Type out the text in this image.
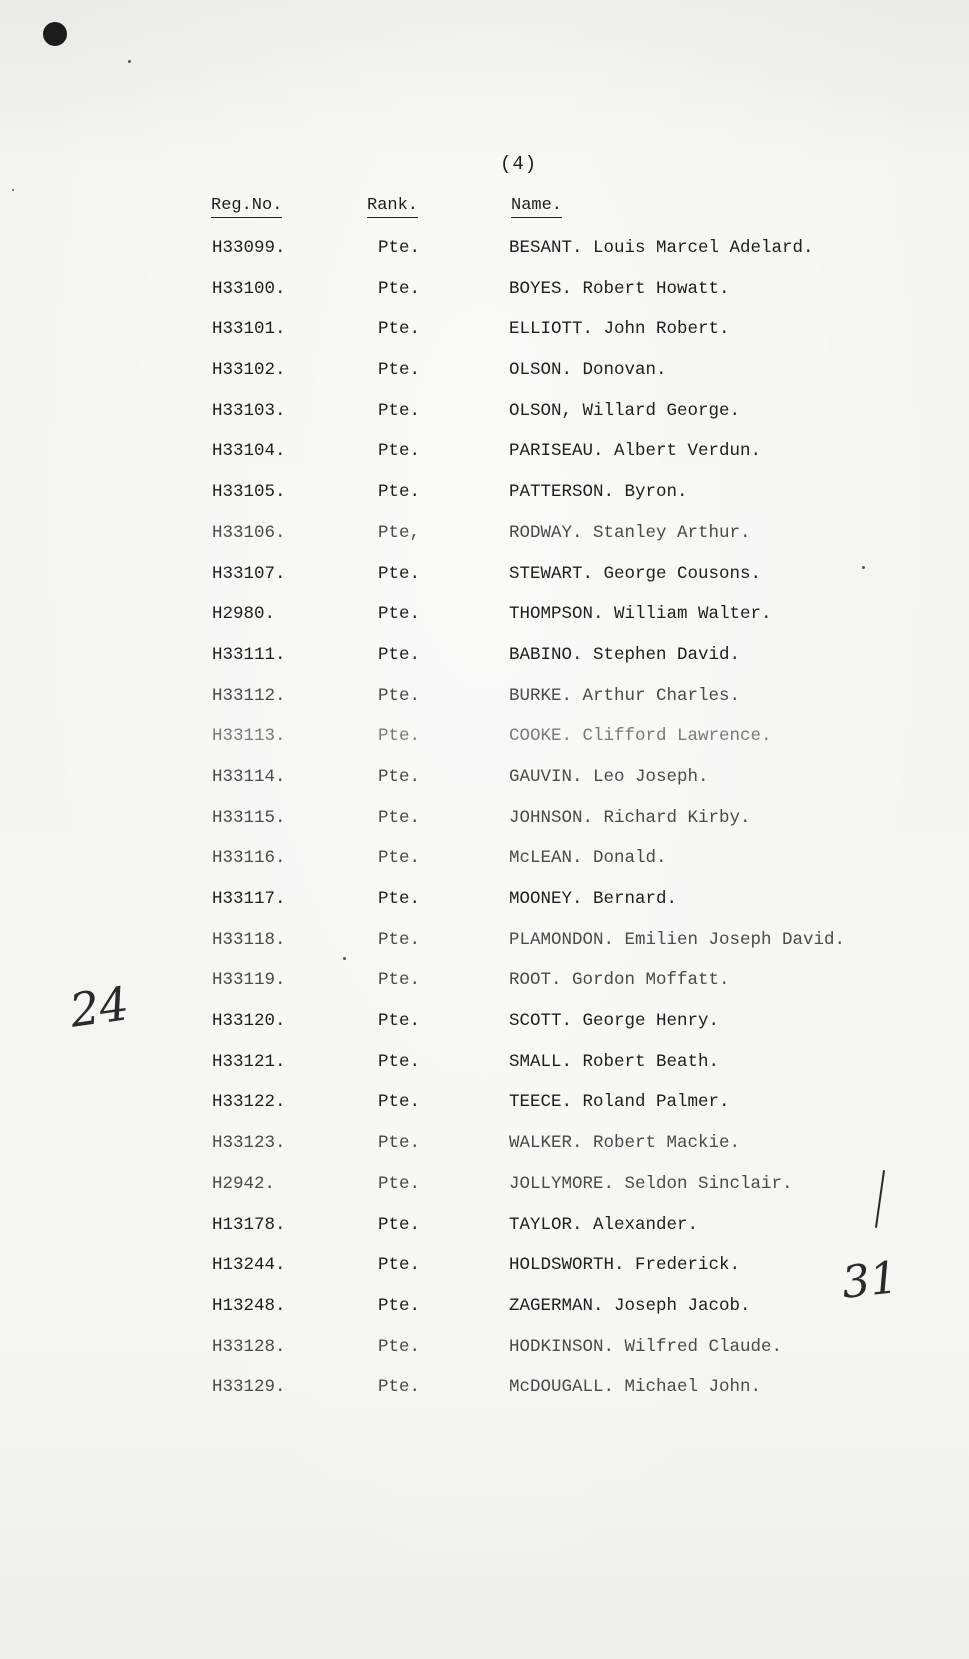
(4)
Reg.No.	Rank.	Name.
H33099.	Pte.	BESANT. Louis Marcel Adelard.
H33100.	Pte.	BOYES. Robert Howatt.
H33101.	Pte.	ELLIOTT. John Robert.
H33102.	Pte.	OLSON. Donovan.
H33103.	Pte.	OLSON, Willard George.
H33104.	Pte.	PARISEAU. Albert Verdun.
H33105.	Pte.	PATTERSON. Byron.
H33106.	Pte,	RODWAY. Stanley Arthur.
H33107.	Pte.	STEWART. George Cousons.
H2980.	Pte.	THOMPSON. William Walter.
H33111.	Pte.	BABINO. Stephen David.
H33112.	Pte.	BURKE. Arthur Charles.
H33113.	Pte.	COOKE. Clifford Lawrence.
H33114.	Pte.	GAUVIN. Leo Joseph.
H33115.	Pte.	JOHNSON. Richard Kirby.
H33116.	Pte.	McLEAN. Donald.
H33117.	Pte.	MOONEY. Bernard.
H33118.	Pte.	PLAMONDON. Emilien Joseph David.
H33119.	Pte.	ROOT. Gordon Moffatt.
H33120.	Pte.	SCOTT. George Henry.
H33121.	Pte.	SMALL. Robert Beath.
H33122.	Pte.	TEECE. Roland Palmer.
H33123.	Pte.	WALKER. Robert Mackie.
H2942.	Pte.	JOLLYMORE. Seldon Sinclair.
H13178.	Pte.	TAYLOR. Alexander.
H13244.	Pte.	HOLDSWORTH. Frederick.
H13248.	Pte.	ZAGERMAN. Joseph Jacob.
H33128.	Pte.	HODKINSON. Wilfred Claude.
H33129.	Pte.	McDOUGALL. Michael John.
24
31
